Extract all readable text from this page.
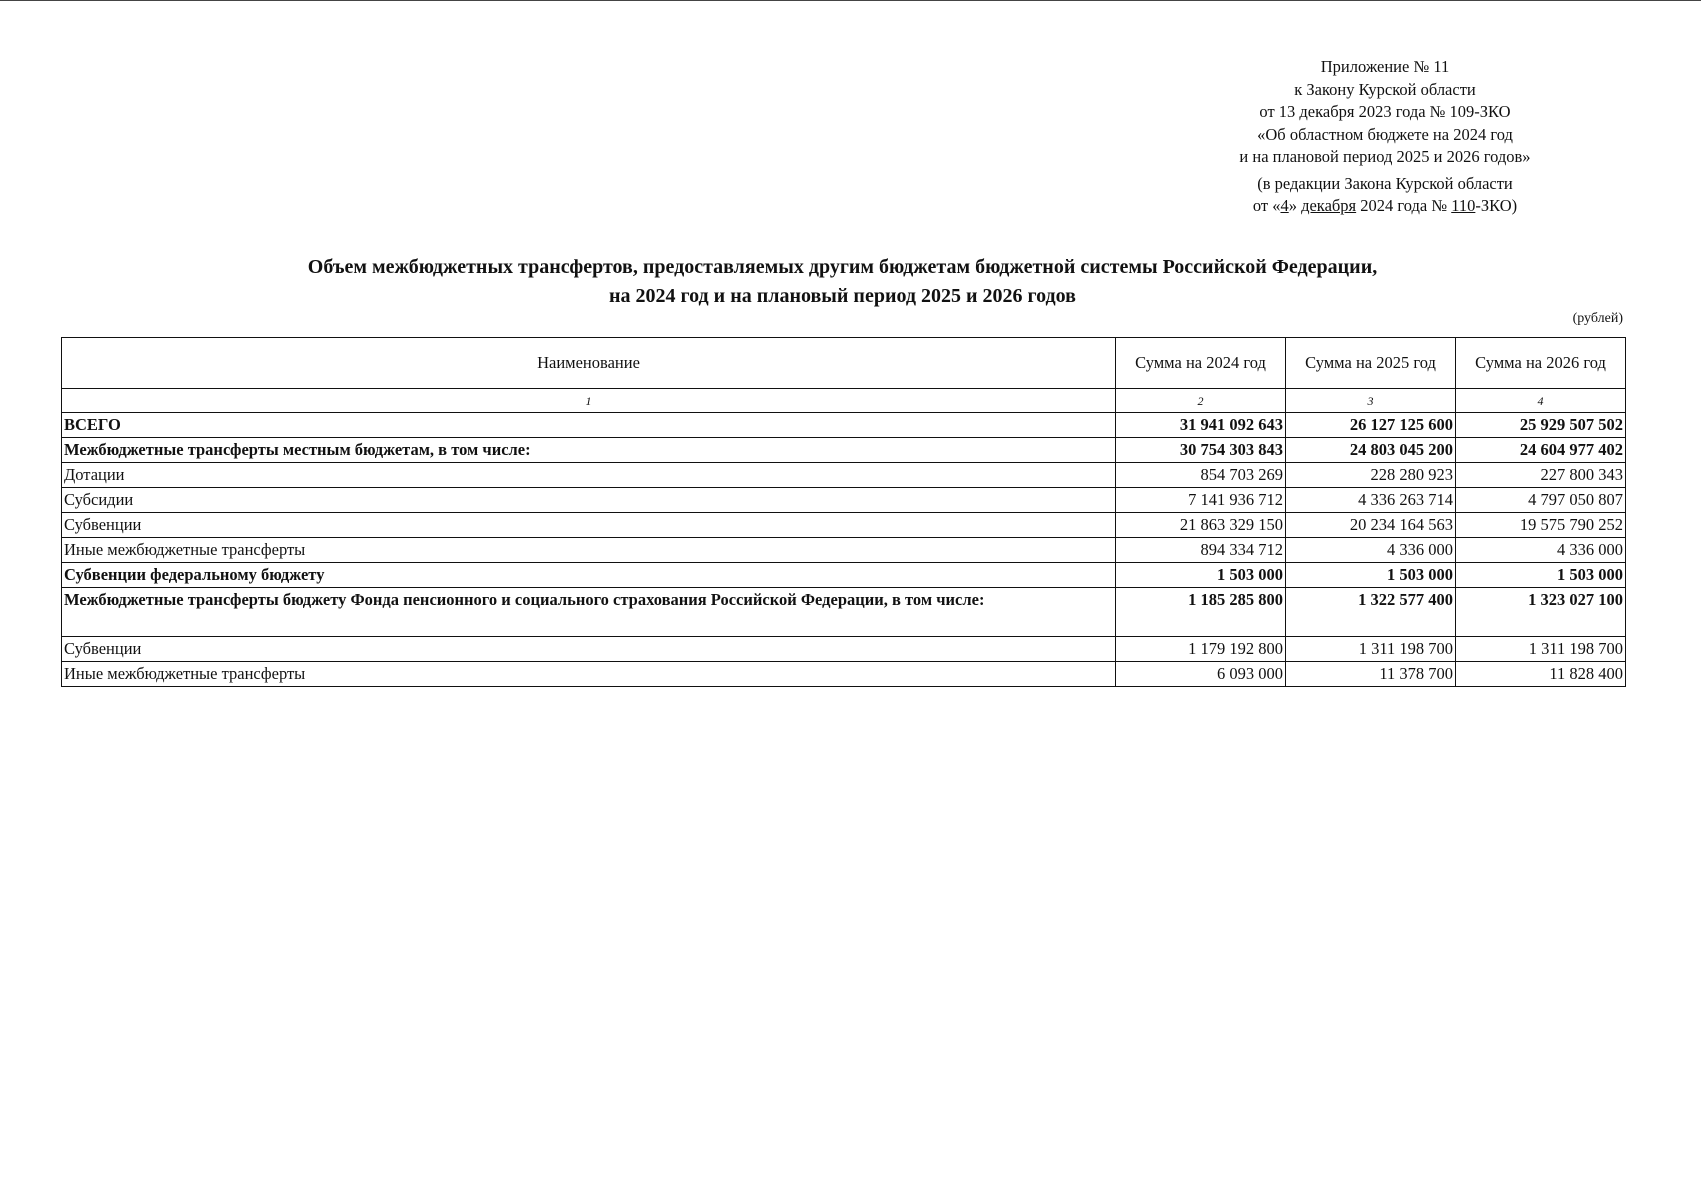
Приложение № 11
к Закону Курской области
от 13 декабря 2023 года № 109-ЗКО
«Об областном бюджете на 2024 год
и на плановой период 2025 и 2026 годов»
(в редакции Закона Курской области
от «4» декабря 2024 года № 110-ЗКО)
Объем межбюджетных трансфертов, предоставляемых другим бюджетам бюджетной системы Российской Федерации,
на 2024 год и на плановый период 2025 и 2026 годов
(рублей)
Наименование	Сумма на 2024 год	Сумма на 2025 год	Сумма на 2026 год
1	2	3	4
ВСЕГО	31 941 092 643	26 127 125 600	25 929 507 502
Межбюджетные трансферты местным бюджетам, в том числе:	30 754 303 843	24 803 045 200	24 604 977 402
Дотации	854 703 269	228 280 923	227 800 343
Субсидии	7 141 936 712	4 336 263 714	4 797 050 807
Субвенции	21 863 329 150	20 234 164 563	19 575 790 252
Иные межбюджетные трансферты	894 334 712	4 336 000	4 336 000
Субвенции федеральному бюджету	1 503 000	1 503 000	1 503 000
Межбюджетные трансферты бюджету Фонда пенсионного и социального страхования Российской Федерации, в том числе:	1 185 285 800	1 322 577 400	1 323 027 100
Субвенции	1 179 192 800	1 311 198 700	1 311 198 700
Иные межбюджетные трансферты	6 093 000	11 378 700	11 828 400
